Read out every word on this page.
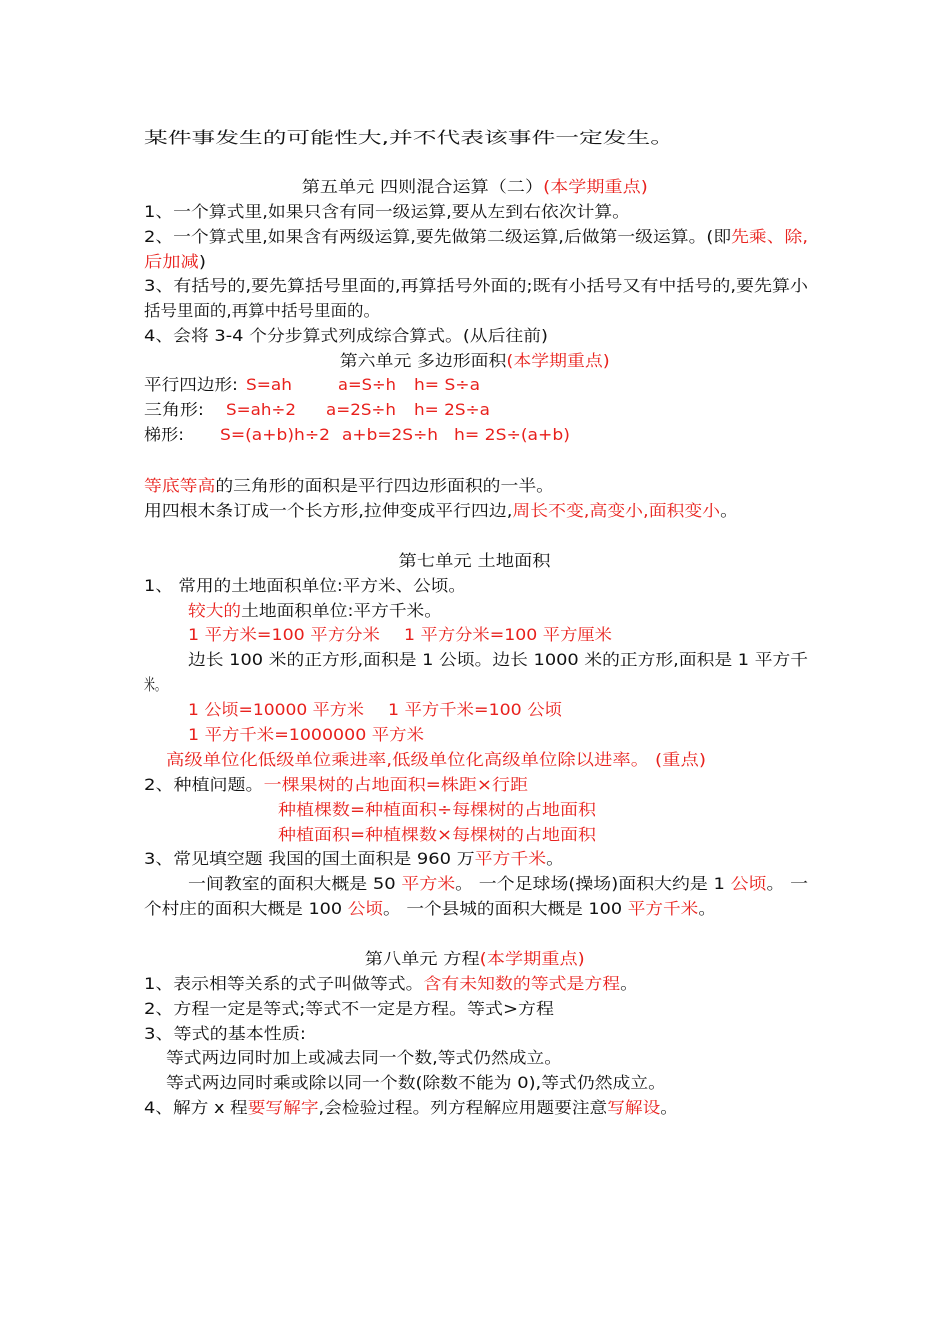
某件事发生的可能性大,并不代表该事件一定发生。
第五单元 四则混合运算（二）(本学期重点)
1、一个算式里,如果只含有同一级运算,要从左到右依次计算。
2、一个算式里,如果含有两级运算,要先做第二级运算,后做第一级运算。(即先乘、除,
后加减)
3、有括号的,要先算括号里面的,再算括号外面的;既有小括号又有中括号的,要先算小
括号里面的,再算中括号里面的。
4、会将 3-4 个分步算式列成综合算式。(从后往前)
第六单元 多边形面积(本学期重点)
平行四边形: S=ah	a=S÷h h= S÷a
三角形: S=ah÷2 a=2S÷h h= 2S÷a
梯形: S=(a+b)h÷2 a+b=2S÷h h= 2S÷(a+b)
等底等高的三角形的面积是平行四边形面积的一半。
用四根木条订成一个长方形,拉伸变成平行四边,周长不变,高变小,面积变小。
第七单元 土地面积
1、 常用的土地面积单位:平方米、公顷。
较大的土地面积单位:平方千米。
1 平方米=100 平方分米 1 平方分米=100 平方厘米
边长 100 米的正方形,面积是 1 公顷。边长 1000 米的正方形,面积是 1 平方千
米。
1 公顷=10000 平方米 1 平方千米=100 公顷
1 平方千米=1000000 平方米
高级单位化低级单位乘进率,低级单位化高级单位除以进率。 (重点)
2、种植问题。一棵果树的占地面积=株距×行距
种植棵数=种植面积÷每棵树的占地面积
种植面积=种植棵数×每棵树的占地面积
3、常见填空题 我国的国土面积是 960 万平方千米。
一间教室的面积大概是 50 平方米。 一个足球场(操场)面积大约是 1 公顷。 一
个村庄的面积大概是 100 公顷。 一个县城的面积大概是 100 平方千米。
第八单元 方程(本学期重点)
1、表示相等关系的式子叫做等式。含有未知数的等式是方程。
2、方程一定是等式;等式不一定是方程。等式>方程
3、等式的基本性质:
等式两边同时加上或减去同一个数,等式仍然成立。
等式两边同时乘或除以同一个数(除数不能为 0),等式仍然成立。
4、解方 x 程要写解字,会检验过程。列方程解应用题要注意写解设。
